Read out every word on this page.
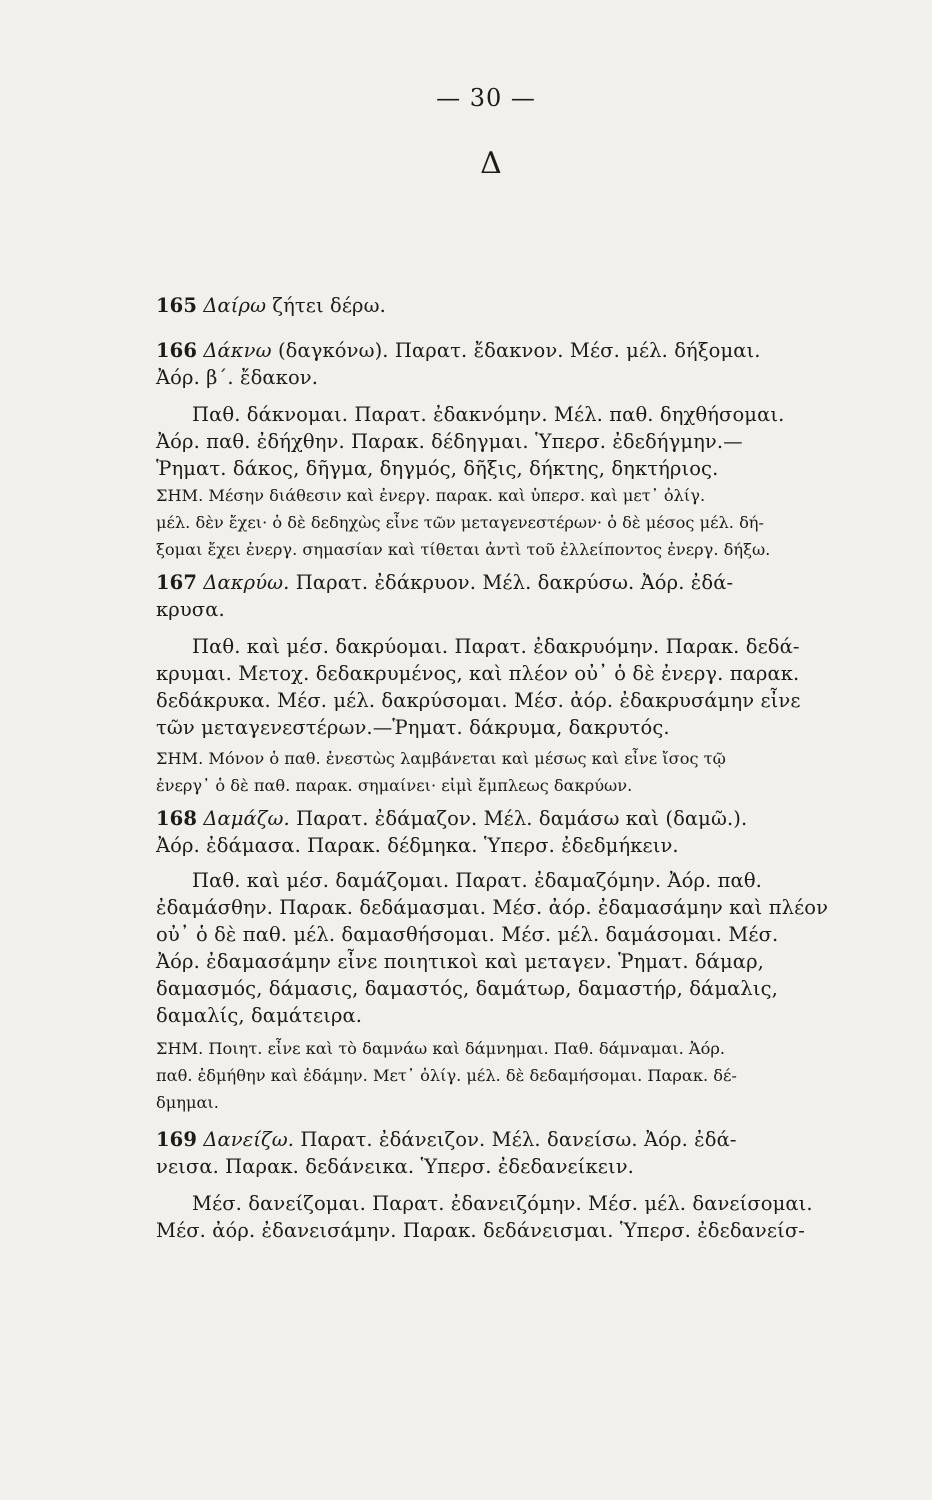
— 30 —
Δ
165 Δαίρω ζήτει δέρω.
166 Δάκνω (δαγκόνω). Παρατ. ἔδακνον. Μέσ. μέλ. δήξομαι.
Ἀόρ. β΄. ἔδακον.
Παθ. δάκνομαι. Παρατ. ἐδακνόμην. Μέλ. παθ. δηχθήσομαι.
Ἀόρ. παθ. ἐδήχθην. Παρακ. δέδηγμαι. Ὑπερσ. ἐδεδήγμην.—
Ῥηματ. δάκος, δῆγμα, δηγμός, δῆξις, δήκτης, δηκτήριος.
ΣΗΜ. Μέσην διάθεσιν καὶ ἐνεργ. παρακ. καὶ ὑπερσ. καὶ μετ᾽ ὀλίγ.
μέλ. δὲν ἔχει· ὁ δὲ δεδηχὼς εἶνε τῶν μεταγενεστέρων· ὁ δὲ μέσος μέλ. δή-
ξομαι ἔχει ἐνεργ. σημασίαν καὶ τίθεται ἀντὶ τοῦ ἐλλείποντος ἐνεργ. δήξω.
167 Δακρύω. Παρατ. ἐδάκρυον. Μέλ. δακρύσω. Ἀόρ. ἐδά-
κρυσα.
Παθ. καὶ μέσ. δακρύομαι. Παρατ. ἐδακρυόμην. Παρακ. δεδά-
κρυμαι. Μετοχ. δεδακρυμένος, καὶ πλέον οὐ᾽ ὁ δὲ ἐνεργ. παρακ.
δεδάκρυκα. Μέσ. μέλ. δακρύσομαι. Μέσ. ἀόρ. ἐδακρυσάμην εἶνε
τῶν μεταγενεστέρων.—Ῥηματ. δάκρυμα, δακρυτός.
ΣΗΜ. Μόνον ὁ παθ. ἐνεστὼς λαμβάνεται καὶ μέσως καὶ εἶνε ἴσος τῷ
ἐνεργ᾽ ὁ δὲ παθ. παρακ. σημαίνει· εἰμὶ ἔμπλεως δακρύων.
168 Δαμάζω. Παρατ. ἐδάμαζον. Μέλ. δαμάσω καὶ (δαμῶ.).
Ἀόρ. ἐδάμασα. Παρακ. δέδμηκα. Ὑπερσ. ἐδεδμήκειν.
Παθ. καὶ μέσ. δαμάζομαι. Παρατ. ἐδαμαζόμην. Ἀόρ. παθ.
ἐδαμάσθην. Παρακ. δεδάμασμαι. Μέσ. ἀόρ. ἐδαμασάμην καὶ πλέον
οὐ᾽ ὁ δὲ παθ. μέλ. δαμασθήσομαι. Μέσ. μέλ. δαμάσομαι. Μέσ.
Ἀόρ. ἐδαμασάμην εἶνε ποιητικοὶ καὶ μεταγεν. Ῥηματ. δάμαρ,
δαμασμός, δάμασις, δαμαστός, δαμάτωρ, δαμαστήρ, δάμαλις,
δαμαλίς, δαμάτειρα.
ΣΗΜ. Ποιητ. εἶνε καὶ τὸ δαμνάω καὶ δάμνημαι. Παθ. δάμναμαι. Ἀόρ.
παθ. ἐδμήθην καὶ ἐδάμην. Μετ᾽ ὀλίγ. μέλ. δὲ δεδαμήσομαι. Παρακ. δέ-
δμημαι.
169 Δανείζω. Παρατ. ἐδάνειζον. Μέλ. δανείσω. Ἀόρ. ἐδά-
νεισα. Παρακ. δεδάνεικα. Ὑπερσ. ἐδεδανείκειν.
Μέσ. δανείζομαι. Παρατ. ἐδανειζόμην. Μέσ. μέλ. δανείσομαι.
Μέσ. ἀόρ. ἐδανεισάμην. Παρακ. δεδάνεισμαι. Ὑπερσ. ἐδεδανείσ-
